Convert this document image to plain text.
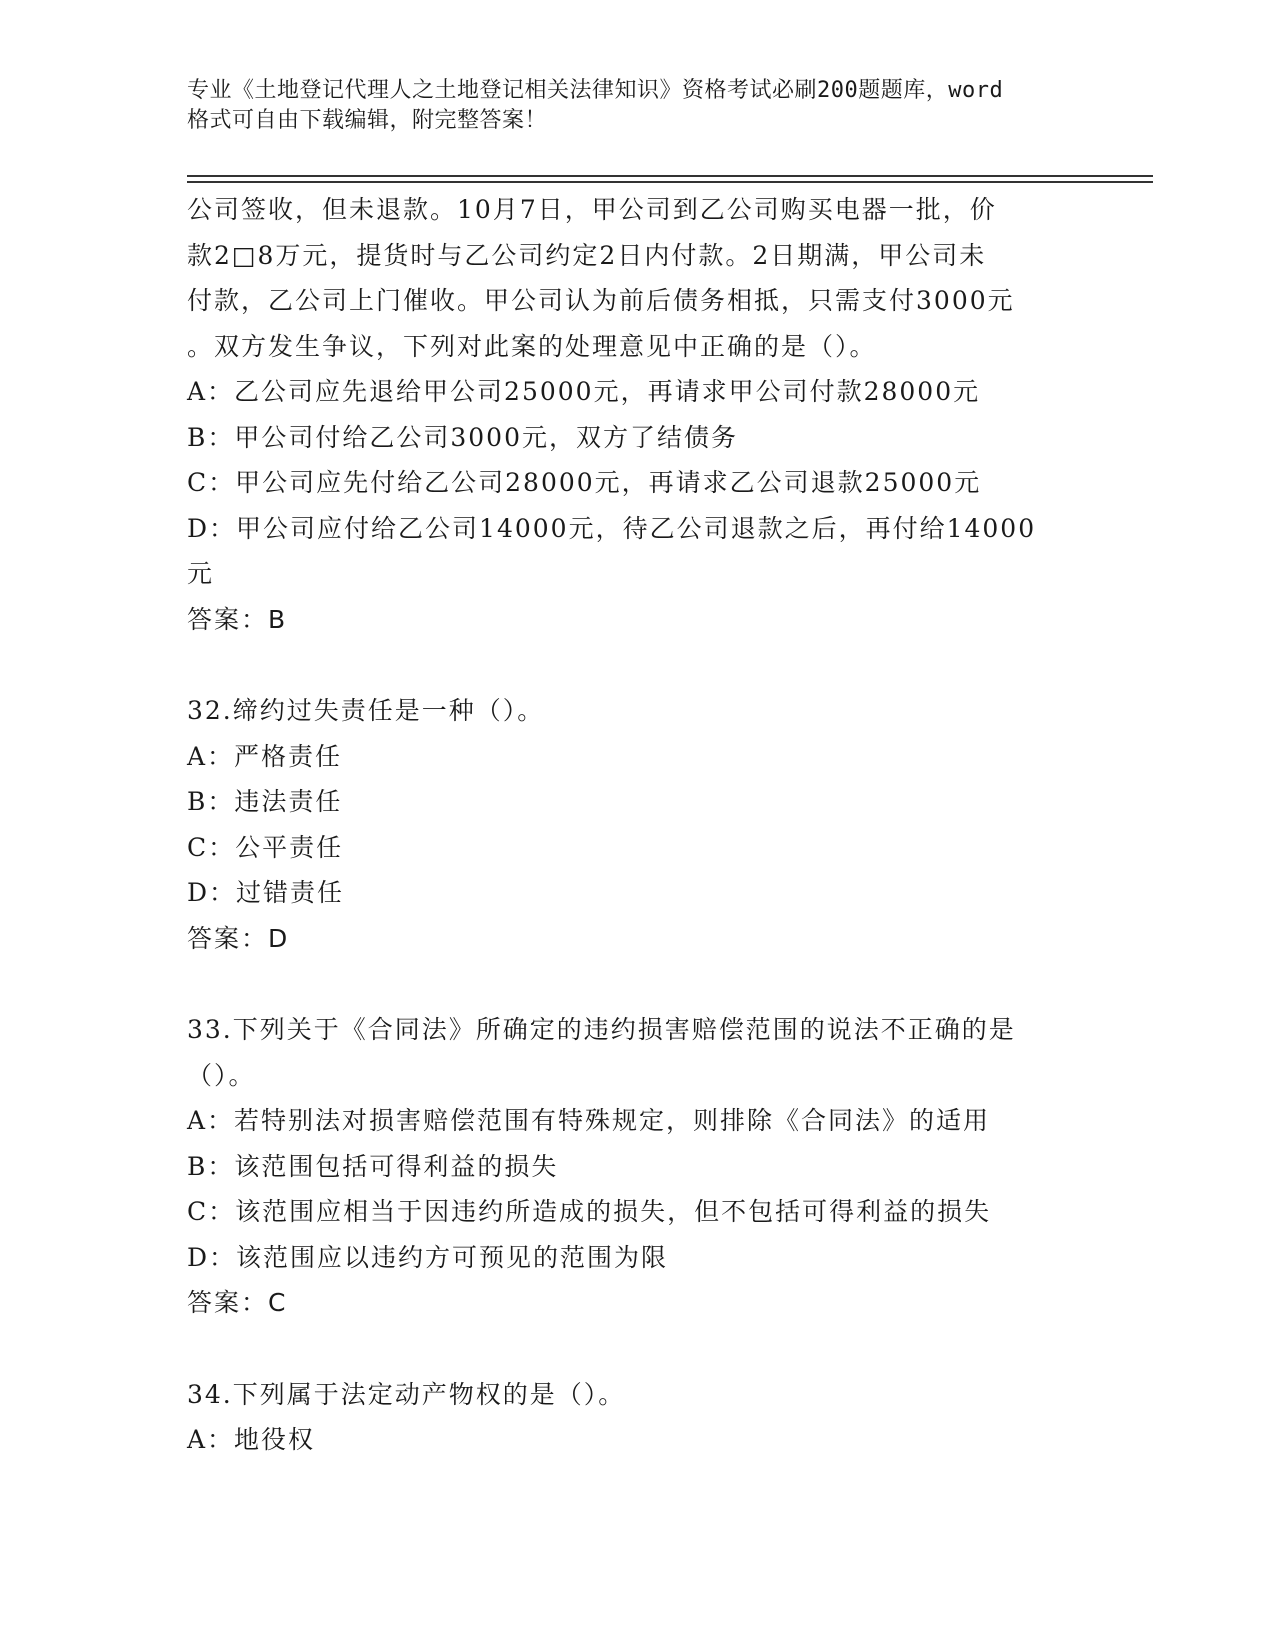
专业《土地登记代理人之土地登记相关法律知识》资格考试必刷200题题库，word
格式可自由下载编辑，附完整答案！
公司签收，但未退款。10月7日，甲公司到乙公司购买电器一批，价
款2□8万元，提货时与乙公司约定2日内付款。2日期满，甲公司未
付款，乙公司上门催收。甲公司认为前后债务相抵，只需支付3000元
。双方发生争议，下列对此案的处理意见中正确的是（）。
A：乙公司应先退给甲公司25000元，再请求甲公司付款28000元
B：甲公司付给乙公司3000元，双方了结债务
C：甲公司应先付给乙公司28000元，再请求乙公司退款25000元
D：甲公司应付给乙公司14000元，待乙公司退款之后，再付给14000
元
答案：B
32.缔约过失责任是一种（）。
A：严格责任
B：违法责任
C：公平责任
D：过错责任
答案：D
33.下列关于《合同法》所确定的违约损害赔偿范围的说法不正确的是
（）。
A：若特别法对损害赔偿范围有特殊规定，则排除《合同法》的适用
B：该范围包括可得利益的损失
C：该范围应相当于因违约所造成的损失，但不包括可得利益的损失
D：该范围应以违约方可预见的范围为限
答案：C
34.下列属于法定动产物权的是（）。
A：地役权
